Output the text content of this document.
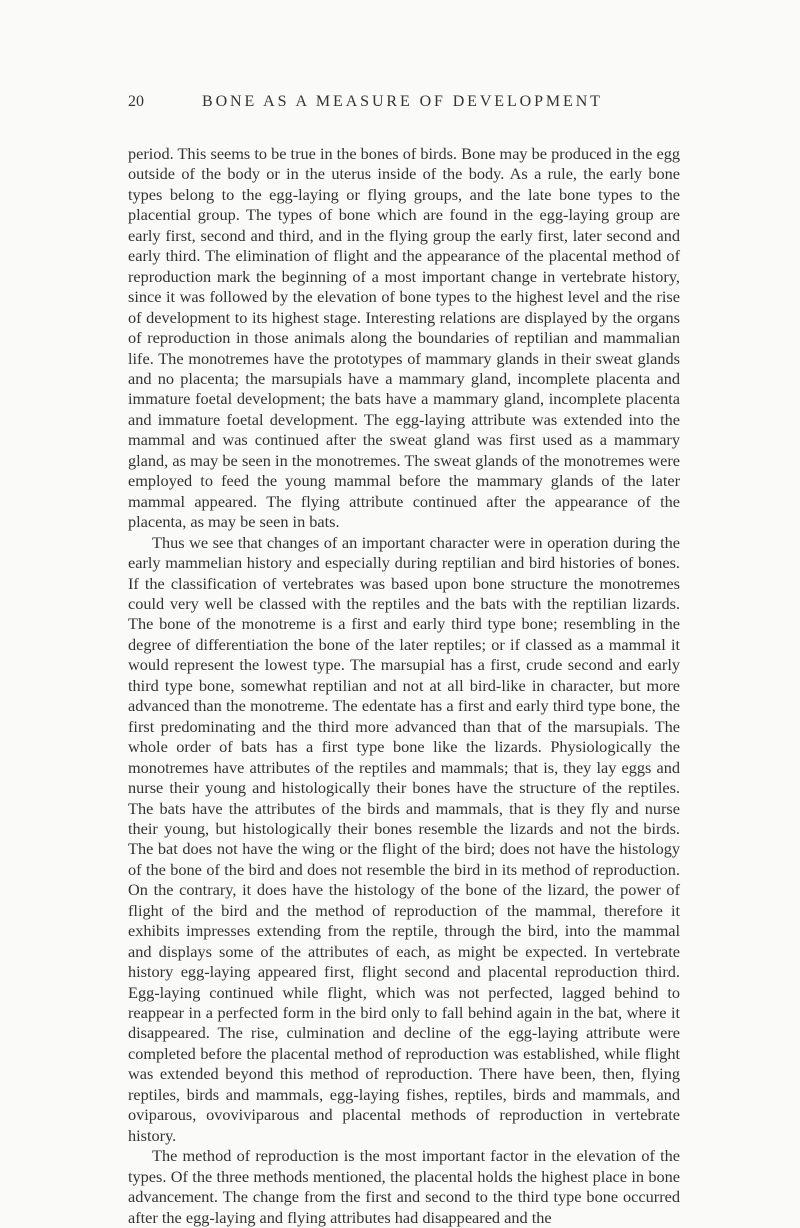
20	BONE AS A MEASURE OF DEVELOPMENT

period. This seems to be true in the bones of birds. Bone may be produced in the egg outside of the body or in the uterus inside of the body. As a rule, the early bone types belong to the egg-laying or flying groups, and the late bone types to the placential group. The types of bone which are found in the egg-laying group are early first, second and third, and in the flying group the early first, later second and early third. The elimination of flight and the appearance of the placental method of reproduction mark the beginning of a most important change in vertebrate history, since it was followed by the elevation of bone types to the highest level and the rise of development to its highest stage. Interesting relations are displayed by the organs of reproduction in those animals along the boundaries of reptilian and mammalian life. The monotremes have the prototypes of mammary glands in their sweat glands and no placenta; the marsupials have a mammary gland, incomplete placenta and immature foetal development; the bats have a mammary gland, incomplete placenta and immature foetal development. The egg-laying attribute was extended into the mammal and was continued after the sweat gland was first used as a mammary gland, as may be seen in the monotremes. The sweat glands of the monotremes were employed to feed the young mammal before the mammary glands of the later mammal appeared. The flying attribute continued after the appearance of the placenta, as may be seen in bats.

Thus we see that changes of an important character were in operation during the early mammelian history and especially during reptilian and bird histories of bones. If the classification of vertebrates was based upon bone structure the monotremes could very well be classed with the reptiles and the bats with the reptilian lizards. The bone of the monotreme is a first and early third type bone; resembling in the degree of differentiation the bone of the later reptiles; or if classed as a mammal it would represent the lowest type. The marsupial has a first, crude second and early third type bone, somewhat reptilian and not at all bird-like in character, but more advanced than the monotreme. The edentate has a first and early third type bone, the first predominating and the third more advanced than that of the marsupials. The whole order of bats has a first type bone like the lizards. Physiologically the monotremes have attributes of the reptiles and mammals; that is, they lay eggs and nurse their young and histologically their bones have the structure of the reptiles. The bats have the attributes of the birds and mammals, that is they fly and nurse their young, but histologically their bones resemble the lizards and not the birds. The bat does not have the wing or the flight of the bird; does not have the histology of the bone of the bird and does not resemble the bird in its method of reproduction. On the contrary, it does have the histology of the bone of the lizard, the power of flight of the bird and the method of reproduction of the mammal, therefore it exhibits impresses extending from the reptile, through the bird, into the mammal and displays some of the attributes of each, as might be expected. In vertebrate history egg-laying appeared first, flight second and placental reproduction third. Egg-laying continued while flight, which was not perfected, lagged behind to reappear in a perfected form in the bird only to fall behind again in the bat, where it disappeared. The rise, culmination and decline of the egg-laying attribute were completed before the placental method of reproduction was established, while flight was extended beyond this method of reproduction. There have been, then, flying reptiles, birds and mammals, egg-laying fishes, reptiles, birds and mammals, and oviparous, ovoviviparous and placental methods of reproduction in vertebrate history.

The method of reproduction is the most important factor in the elevation of the types. Of the three methods mentioned, the placental holds the highest place in bone advancement. The change from the first and second to the third type bone occurred after the egg-laying and flying attributes had disappeared and the
